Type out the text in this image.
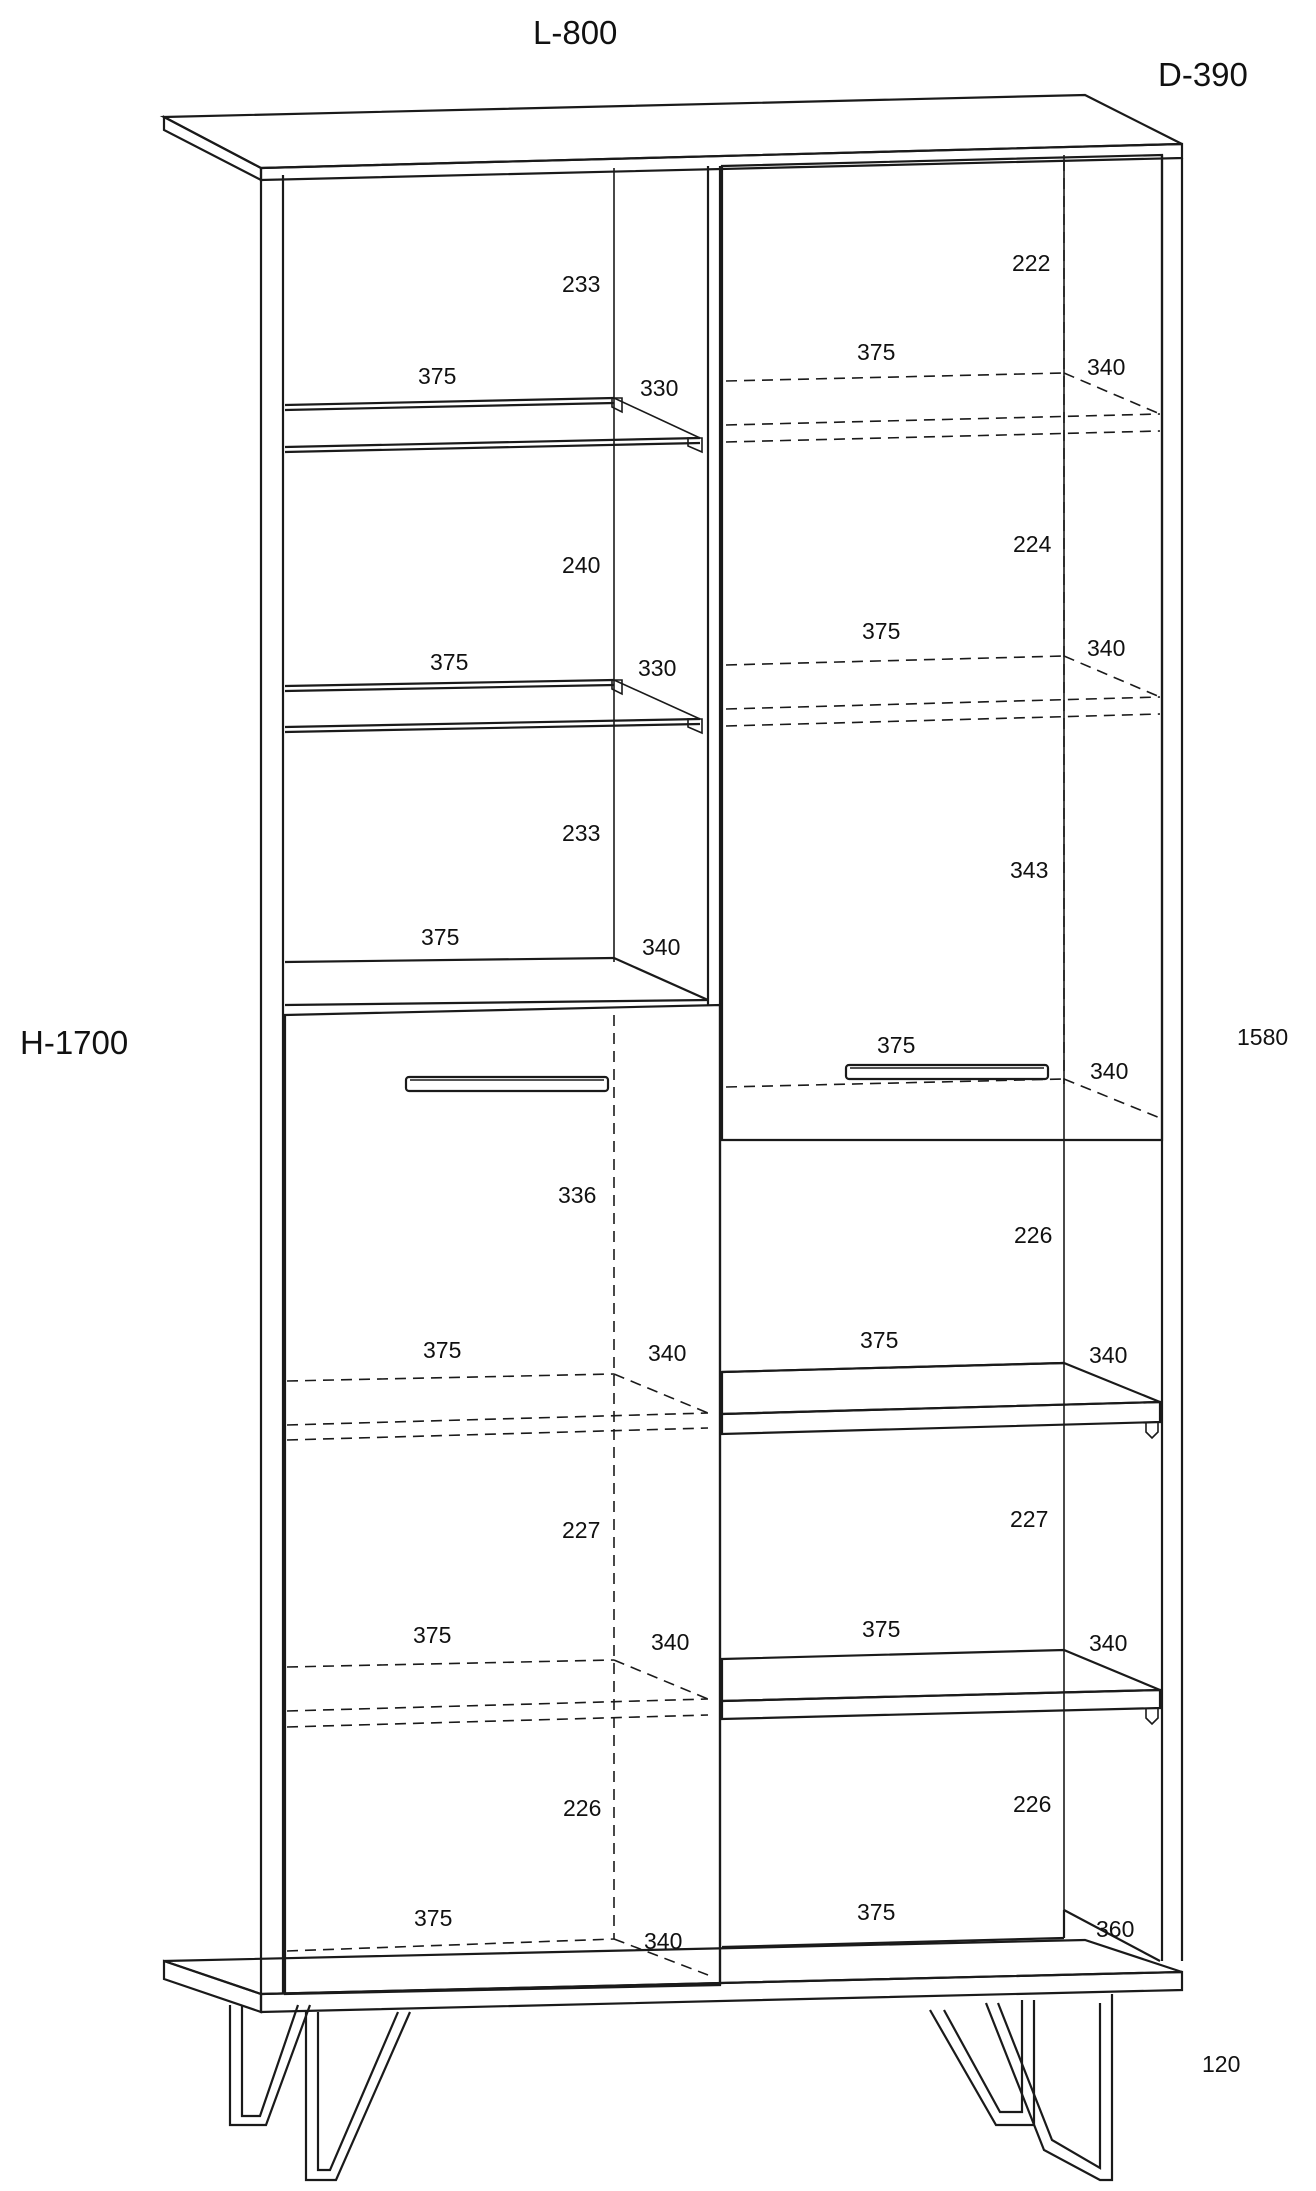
L-800
D-390
H-1700	1580
120
233
375	330
240
375	330
233
375	340
336
375	340
227
375	340
226
375
340
222
375
340
224
375
340
343
375
340
226
375
340
227
375
340
226
375
360
